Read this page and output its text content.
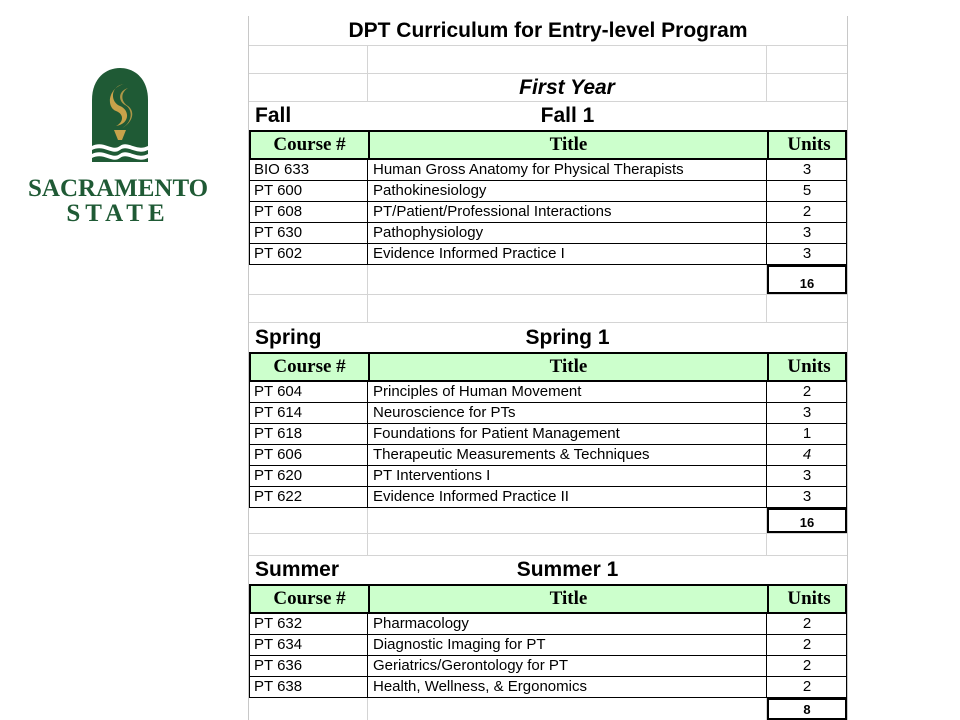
SACRAMENTO
STATE
DPT Curriculum for Entry-level Program
First Year
Fall	Fall 1
Course #	Title	Units
BIO 633	Human Gross Anatomy for Physical Therapists	3
PT 600	Pathokinesiology	5
PT 608	PT/Patient/Professional Interactions	2
PT 630	Pathophysiology	3
PT 602	Evidence Informed Practice I	3
16
Spring	Spring 1
Course #	Title	Units
PT 604	Principles of Human Movement	2
PT 614	Neuroscience for PTs	3
PT 618	Foundations for Patient Management	1
PT 606	Therapeutic Measurements & Techniques	4
PT 620	PT Interventions I	3
PT 622	Evidence Informed Practice II	3
16
Summer	Summer 1
Course #	Title	Units
PT 632	Pharmacology	2
PT 634	Diagnostic Imaging for PT	2
PT 636	Geriatrics/Gerontology for PT	2
PT 638	Health, Wellness, & Ergonomics	2
8
